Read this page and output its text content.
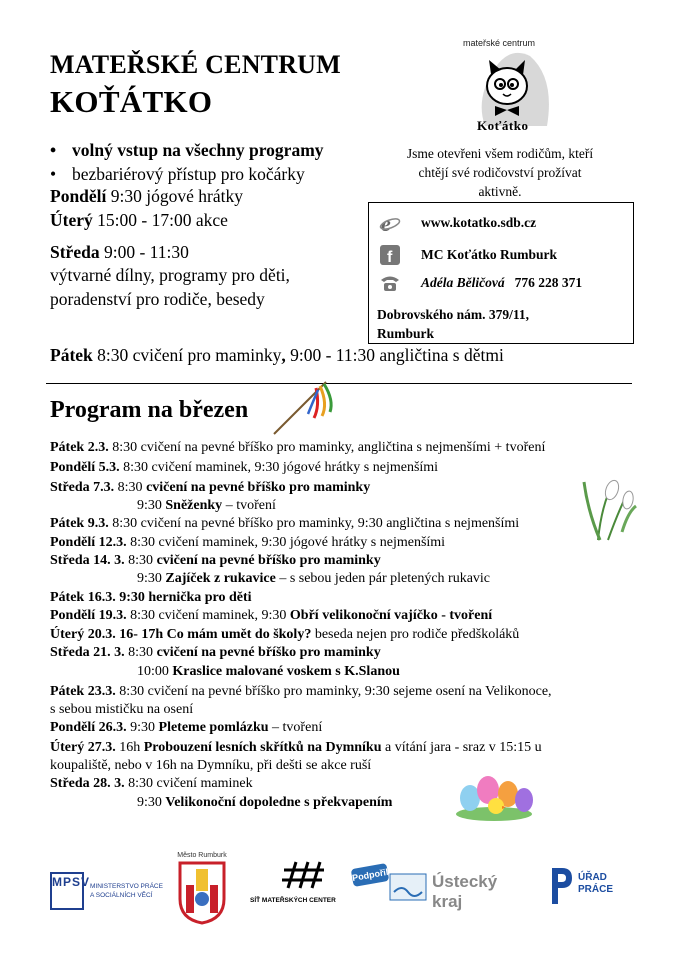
MATEŘSKÉ CENTRUM
KOŤÁTKO
• volný vstup na všechny programy
• bezbariérový přístup pro kočárky
Pondělí 9:30 jógové hrátky
Úterý 15:00 - 17:00 akce
Středa 9:00 - 11:30
výtvarné dílny, programy pro děti,
poradenství pro rodiče, besedy
Pátek 8:30 cvičení pro maminky, 9:00 - 11:30 angličtina s dětmi
Koťátko
mateřské centrum
Jsme otevřeni všem rodičům, kteří chtějí své rodičovství prožívat aktivně.
e www.kotatko.sdb.cz
f MC Koťátko Rumburk
Adéla Běličová 776 228 371
Dobrovského nám. 379/11,
Rumburk
Program na březen
Pátek 2.3. 8:30 cvičení na pevné bříško pro maminky, angličtina s nejmenšími + tvoření
Pondělí 5.3. 8:30 cvičení maminek, 9:30 jógové hrátky s nejmenšími
Středa 7.3. 8:30 cvičení na pevné bříško pro maminky
9:30 Sněženky – tvoření
Pátek 9.3. 8:30 cvičení na pevné bříško pro maminky, 9:30 angličtina s nejmenšími
Pondělí 12.3. 8:30 cvičení maminek, 9:30 jógové hrátky s nejmenšími
Středa 14. 3. 8:30 cvičení na pevné bříško pro maminky
9:30 Zajíček z rukavice – s sebou jeden pár pletených rukavic
Pátek 16.3. 9:30 hernička pro děti
Pondělí 19.3. 8:30 cvičení maminek, 9:30 Obří velikonoční vajíčko - tvoření
Úterý 20.3. 16- 17h Co mám umět do školy? beseda nejen pro rodiče předškoláků
Středa 21. 3. 8:30 cvičení na pevné bříško pro maminky
10:00 Kraslice malované voskem s K.Slanou
Pátek 23.3. 8:30 cvičení na pevné bříško pro maminky, 9:30 sejeme osení na Velikonoce,
s sebou mističku na osení
Pondělí 26.3. 9:30 Pleteme pomlázku – tvoření
Úterý 27.3. 16h Probouzení lesních skřítků na Dymníku a vítání jara - sraz v 15:15 u
koupaliště, nebo v 16h na Dymníku, při dešti se akce ruší
Středa 28. 3. 8:30 cvičení maminek
9:30 Velikonoční dopoledne s překvapením
MPSV MINISTERSTVO PRÁCE
A SOCIÁLNÍCH VĚCÍ
Město Rumburk
SÍŤ MATEŘSKÝCH CENTER
Podpořil	Ústecký kraj
ÚŘAD
PRÁCE
